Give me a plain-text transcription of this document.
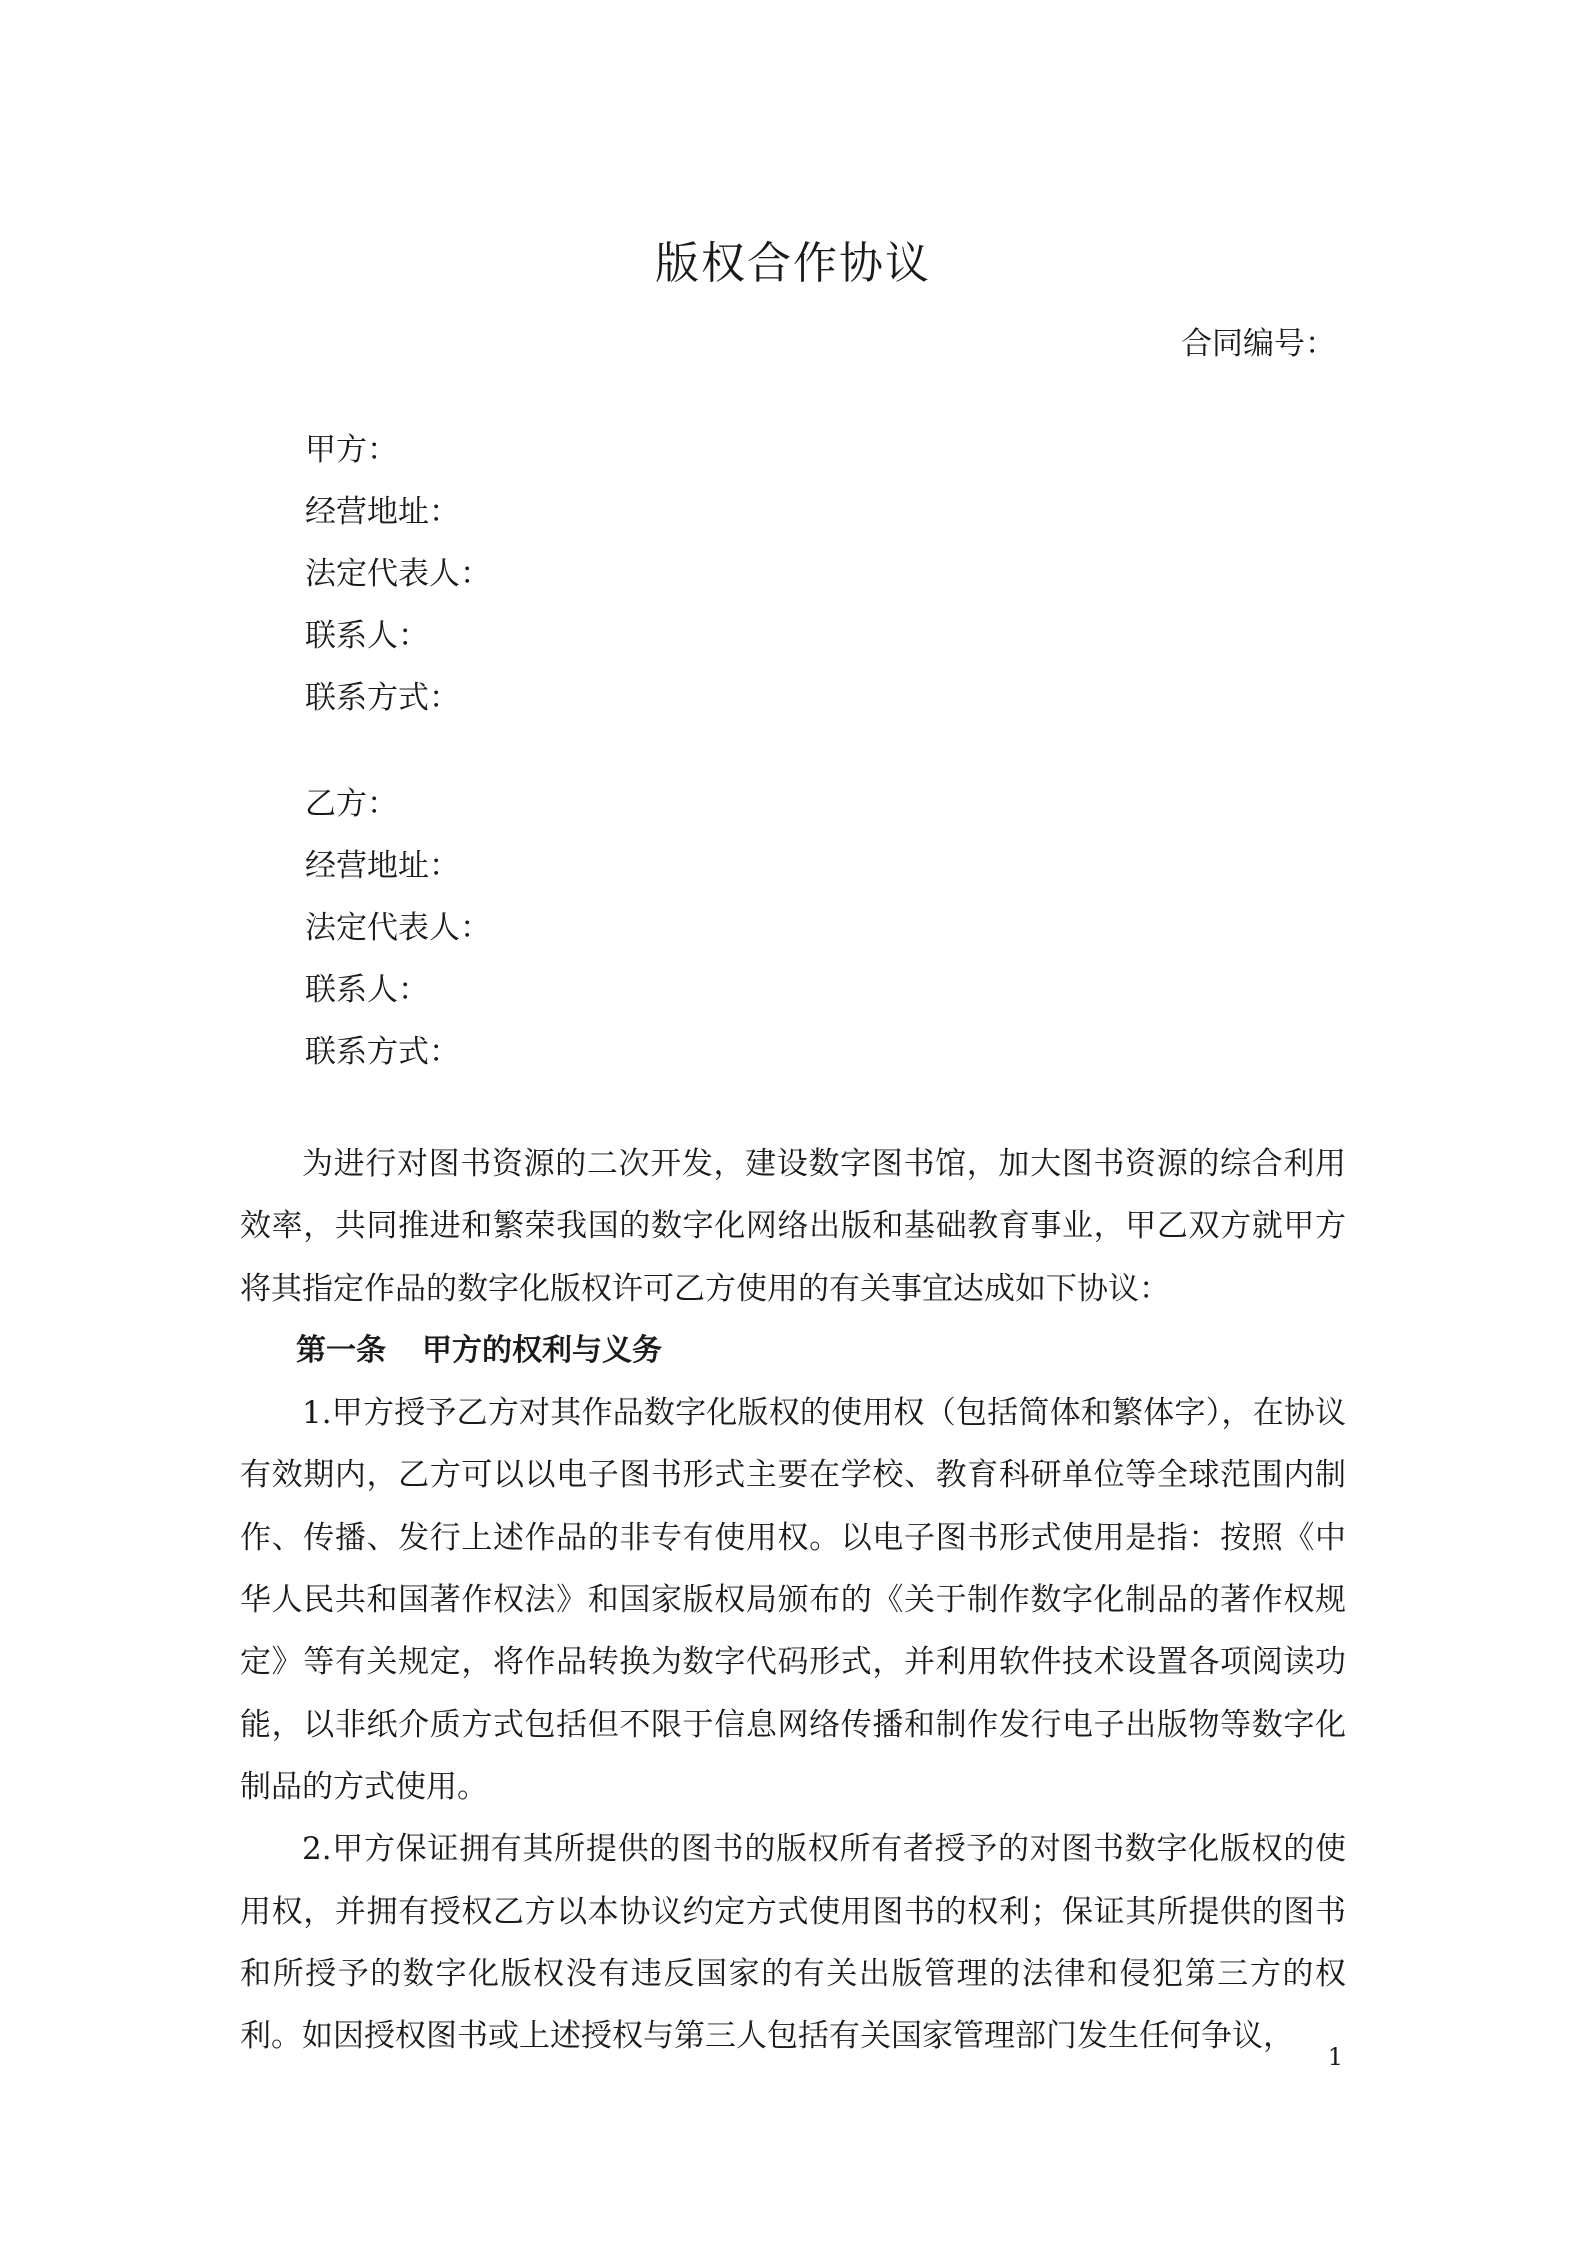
版权合作协议
合同编号：
甲方：
经营地址：
法定代表人：
联系人：
联系方式：
乙方：
经营地址：
法定代表人：
联系人：
联系方式：

为进行对图书资源的二次开发，建设数字图书馆，加大图书资源的综合利用效率，共同推进和繁荣我国的数字化网络出版和基础教育事业，甲乙双方就甲方将其指定作品的数字化版权许可乙方使用的有关事宜达成如下协议：

第一条 甲方的权利与义务

1.甲方授予乙方对其作品数字化版权的使用权（包括简体和繁体字），在协议有效期内，乙方可以以电子图书形式主要在学校、教育科研单位等全球范围内制作、传播、发行上述作品的非专有使用权。以电子图书形式使用是指：按照《中华人民共和国著作权法》和国家版权局颁布的《关于制作数字化制品的著作权规定》等有关规定，将作品转换为数字代码形式，并利用软件技术设置各项阅读功能，以非纸介质方式包括但不限于信息网络传播和制作发行电子出版物等数字化制品的方式使用。

2.甲方保证拥有其所提供的图书的版权所有者授予的对图书数字化版权的使用权，并拥有授权乙方以本协议约定方式使用图书的权利；保证其所提供的图书和所授予的数字化版权没有违反国家的有关出版管理的法律和侵犯第三方的权利。如因授权图书或上述授权与第三人包括有关国家管理部门发生任何争议，

1
